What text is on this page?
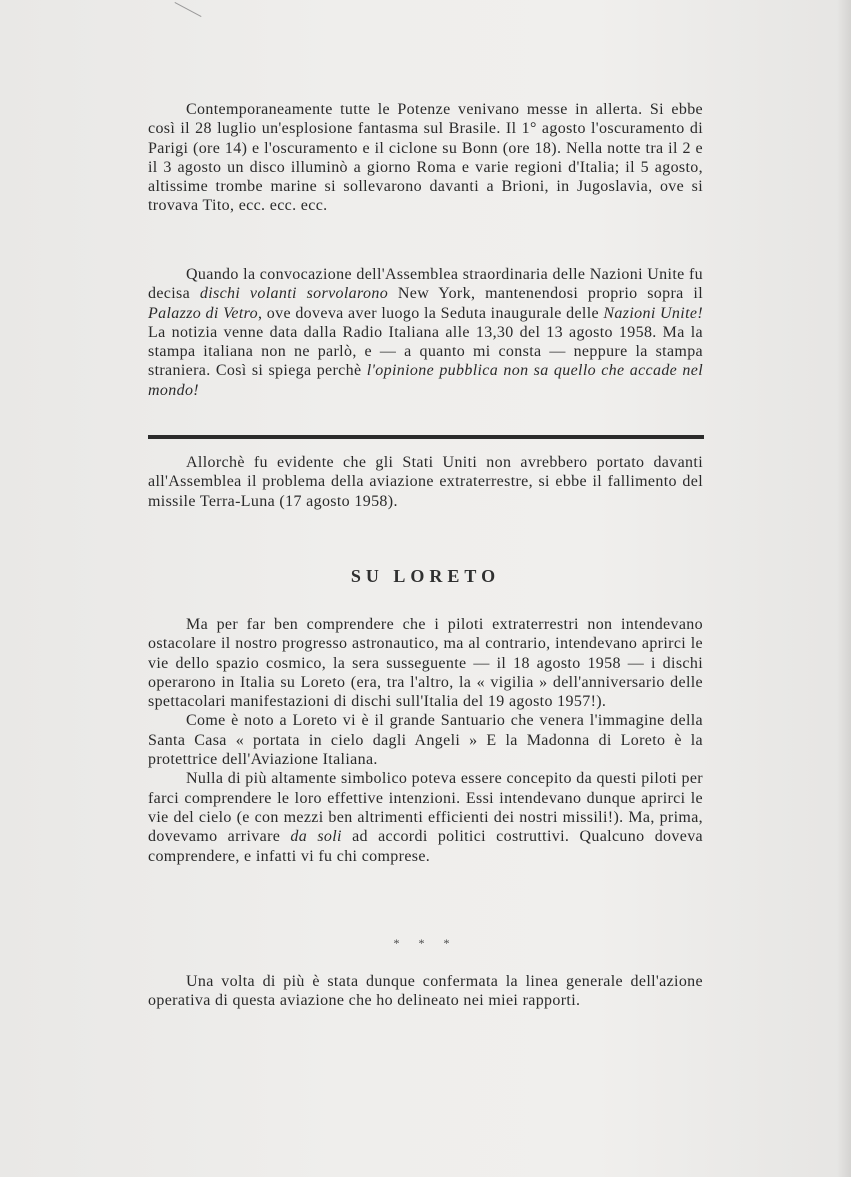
Contemporaneamente tutte le Potenze venivano messe in allerta. Si ebbe così il 28 luglio un'esplosione fantasma sul Brasile. Il 1° agosto l'oscuramento di Parigi (ore 14) e l'oscuramento e il ciclone su Bonn (ore 18). Nella notte tra il 2 e il 3 agosto un disco illuminò a giorno Roma e varie regioni d'Italia; il 5 agosto, altissime trombe marine si sollevarono davanti a Brioni, in Jugoslavia, ove si trovava Tito, ecc. ecc. ecc.

Quando la convocazione dell'Assemblea straordinaria delle Nazioni Unite fu decisa dischi volanti sorvolarono New York, mantenendosi proprio sopra il Palazzo di Vetro, ove doveva aver luogo la Seduta inaugurale delle Nazioni Unite! La notizia venne data dalla Radio Italiana alle 13,30 del 13 agosto 1958. Ma la stampa italiana non ne parlò, e — a quanto mi consta — neppure la stampa straniera. Così si spiega perchè l'opinione pubblica non sa quello che accade nel mondo!

Allorchè fu evidente che gli Stati Uniti non avrebbero portato davanti all'Assemblea il problema della aviazione extraterrestre, si ebbe il fallimento del missile Terra-Luna (17 agosto 1958).

SU LORETO

Ma per far ben comprendere che i piloti extraterrestri non intendevano ostacolare il nostro progresso astronautico, ma al contrario, intendevano aprirci le vie dello spazio cosmico, la sera susseguente — il 18 agosto 1958 — i dischi operarono in Italia su Loreto (era, tra l'altro, la « vigilia » dell'anniversario delle spettacolari manifestazioni di dischi sull'Italia del 19 agosto 1957!).

Come è noto a Loreto vi è il grande Santuario che venera l'immagine della Santa Casa « portata in cielo dagli Angeli » E la Madonna di Loreto è la protettrice dell'Aviazione Italiana.

Nulla di più altamente simbolico poteva essere concepito da questi piloti per farci comprendere le loro effettive intenzioni. Essi intendevano dunque aprirci le vie del cielo (e con mezzi ben altrimenti efficienti dei nostri missili!). Ma, prima, dovevamo arrivare da soli ad accordi politici costruttivi. Qualcuno doveva comprendere, e infatti vi fu chi comprese.

* * *

Una volta di più è stata dunque confermata la linea generale dell'azione operativa di questa aviazione che ho delineato nei miei rapporti.
